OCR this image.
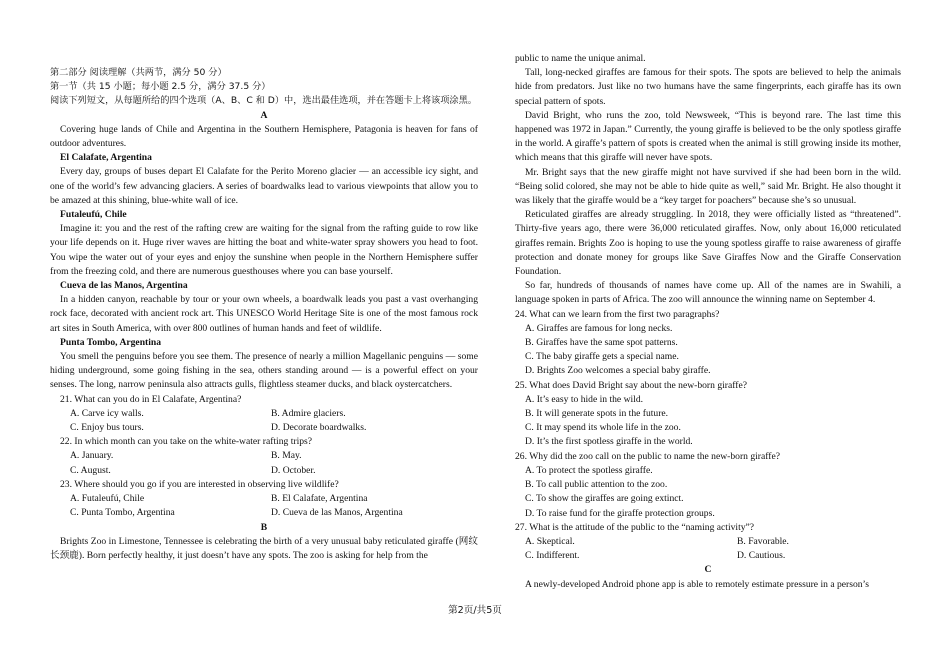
第二部分 阅读理解（共两节，满分 50 分）

第一节（共 15 小题；每小题 2.5 分，满分 37.5 分）

阅读下列短文，从每题所给的四个选项（A、B、C 和 D）中，选出最佳选项，并在答题卡上将该项涂黑。

A

Covering huge lands of Chile and Argentina in the Southern Hemisphere, Patagonia is heaven for fans of outdoor adventures.

El Calafate, Argentina

Every day, groups of buses depart El Calafate for the Perito Moreno glacier — an accessible icy sight, and one of the world’s few advancing glaciers. A series of boardwalks lead to various viewpoints that allow you to be amazed at this shining, blue-white wall of ice.

Futaleufú, Chile

Imagine it: you and the rest of the rafting crew are waiting for the signal from the rafting guide to row like your life depends on it. Huge river waves are hitting the boat and white-water spray showers you head to foot. You wipe the water out of your eyes and enjoy the sunshine when people in the Northern Hemisphere suffer from the freezing cold, and there are numerous guesthouses where you can base yourself.

Cueva de las Manos, Argentina

In a hidden canyon, reachable by tour or your own wheels, a boardwalk leads you past a vast overhanging rock face, decorated with ancient rock art. This UNESCO World Heritage Site is one of the most famous rock art sites in South America, with over 800 outlines of human hands and feet of wildlife.

Punta Tombo, Argentina

You smell the penguins before you see them. The presence of nearly a million Magellanic penguins — some hiding underground, some going fishing in the sea, others standing around — is a powerful effect on your senses. The long, narrow peninsula also attracts gulls, flightless steamer ducks, and black oystercatchers.

21. What can you do in El Calafate, Argentina?

A. Carve icy walls.	B. Admire glaciers.
C. Enjoy bus tours.	D. Decorate boardwalks.

22. In which month can you take on the white-water rafting trips?

A. January.	B. May.
C. August.	D. October.

23. Where should you go if you are interested in observing live wildlife?

A. Futaleufú, Chile	B. El Calafate, Argentina
C. Punta Tombo, Argentina	D. Cueva de las Manos, Argentina

B

Brights Zoo in Limestone, Tennessee is celebrating the birth of a very unusual baby reticulated giraffe (网纹长颈鹿). Born perfectly healthy, it just doesn’t have any spots. The zoo is asking for help from the

public to name the unique animal.

Tall, long-necked giraffes are famous for their spots. The spots are believed to help the animals hide from predators. Just like no two humans have the same fingerprints, each giraffe has its own special pattern of spots.

David Bright, who runs the zoo, told Newsweek, “This is beyond rare. The last time this happened was 1972 in Japan.” Currently, the young giraffe is believed to be the only spotless giraffe in the world. A giraffe’s pattern of spots is created when the animal is still growing inside its mother, which means that this giraffe will never have spots.

Mr. Bright says that the new giraffe might not have survived if she had been born in the wild. “Being solid colored, she may not be able to hide quite as well,” said Mr. Bright. He also thought it was likely that the giraffe would be a “key target for poachers” because she’s so unusual.

Reticulated giraffes are already struggling. In 2018, they were officially listed as “threatened”. Thirty-five years ago, there were 36,000 reticulated giraffes. Now, only about 16,000 reticulated giraffes remain. Brights Zoo is hoping to use the young spotless giraffe to raise awareness of giraffe protection and donate money for groups like Save Giraffes Now and the Giraffe Conservation Foundation.

So far, hundreds of thousands of names have come up. All of the names are in Swahili, a language spoken in parts of Africa. The zoo will announce the winning name on September 4.

24. What can we learn from the first two paragraphs?

A. Giraffes are famous for long necks.

B. Giraffes have the same spot patterns.

C. The baby giraffe gets a special name.

D. Brights Zoo welcomes a special baby giraffe.

25. What does David Bright say about the new-born giraffe?

A. It’s easy to hide in the wild.

B. It will generate spots in the future.

C. It may spend its whole life in the zoo.

D. It’s the first spotless giraffe in the world.

26. Why did the zoo call on the public to name the new-born giraffe?

A. To protect the spotless giraffe.

B. To call public attention to the zoo.

C. To show the giraffes are going extinct.

D. To raise fund for the giraffe protection groups.

27. What is the attitude of the public to the “naming activity”?

A. Skeptical.	B. Favorable.
C. Indifferent.	D. Cautious.

C

A newly-developed Android phone app is able to remotely estimate pressure in a person’s

第2页/共5页
